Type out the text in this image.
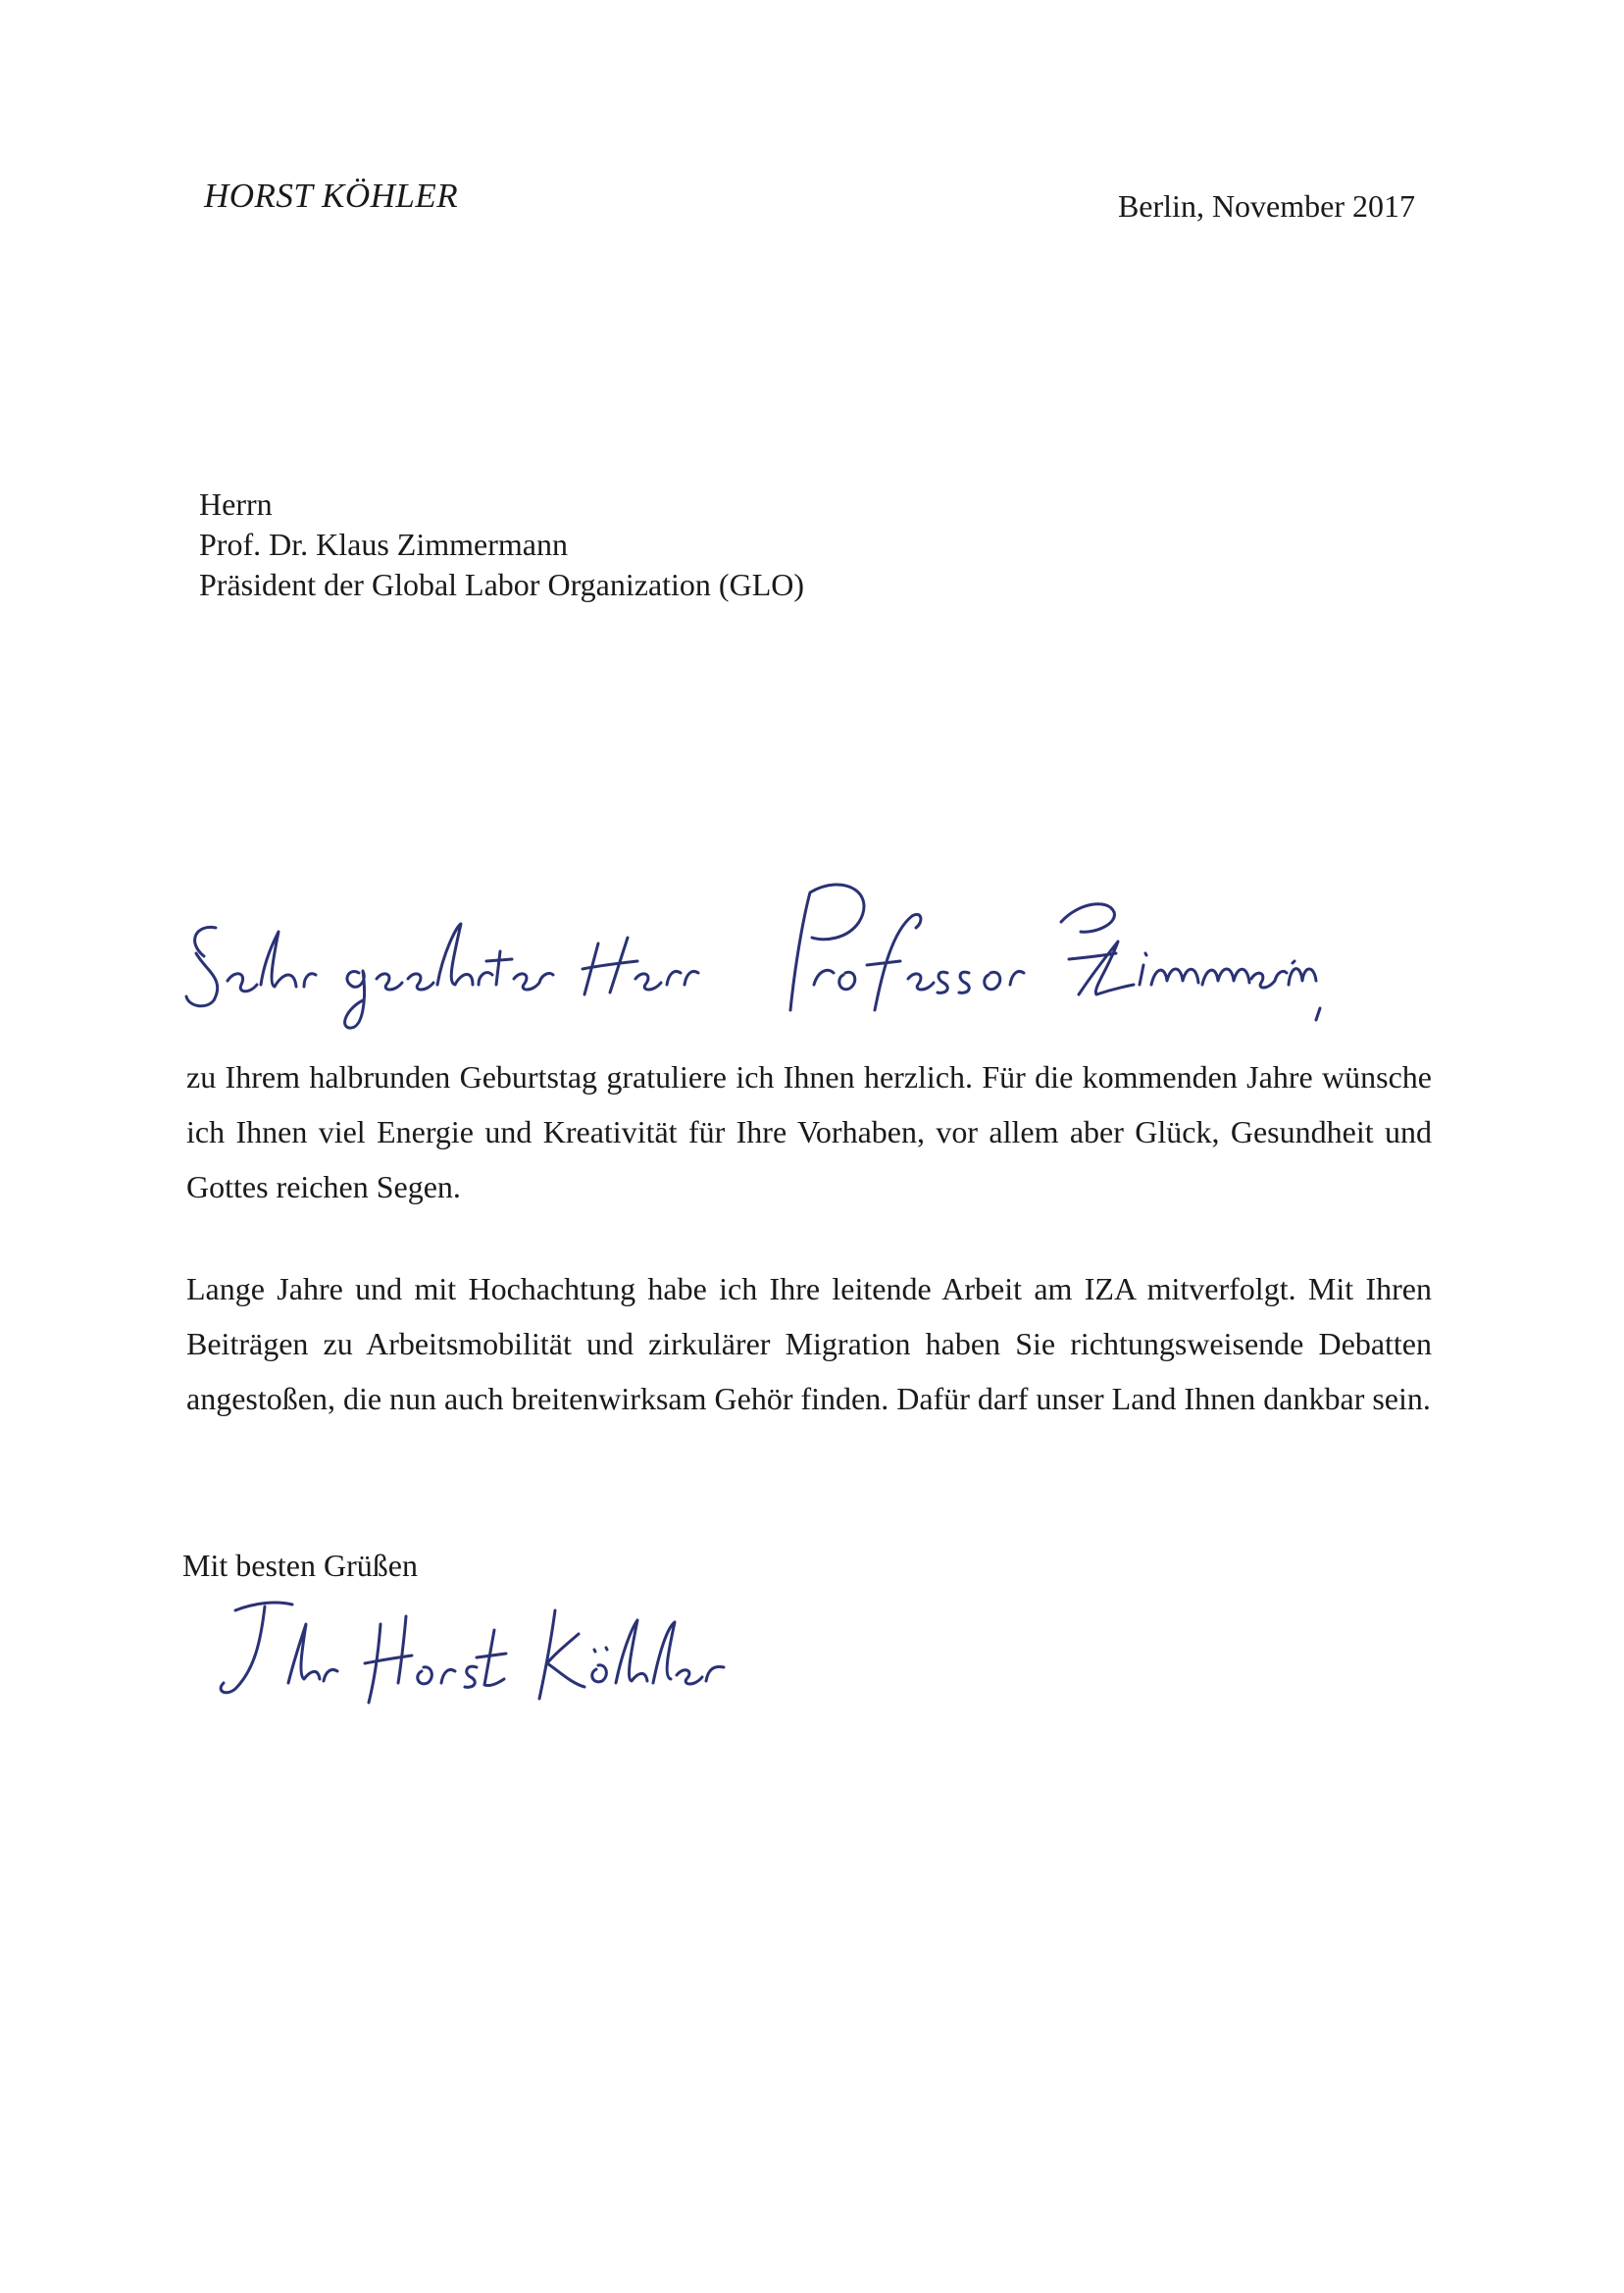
HORST KÖHLER	Berlin, November 2017
Herrn
Prof. Dr. Klaus Zimmermann
Präsident der Global Labor Organization (GLO)
zu Ihrem halbrunden Geburtstag gratuliere ich Ihnen herzlich. Für die kommenden Jahre wünsche ich Ihnen viel Energie und Kreativität für Ihre Vorhaben, vor allem aber Glück, Gesundheit und Gottes reichen Segen.
Lange Jahre und mit Hochachtung habe ich Ihre leitende Arbeit am IZA mitverfolgt. Mit Ihren Beiträgen zu Arbeitsmobilität und zirkulärer Migration haben Sie richtungsweisende Debatten angestoßen, die nun auch breitenwirksam Gehör finden. Dafür darf unser Land Ihnen dankbar sein.
Mit besten Grüßen
